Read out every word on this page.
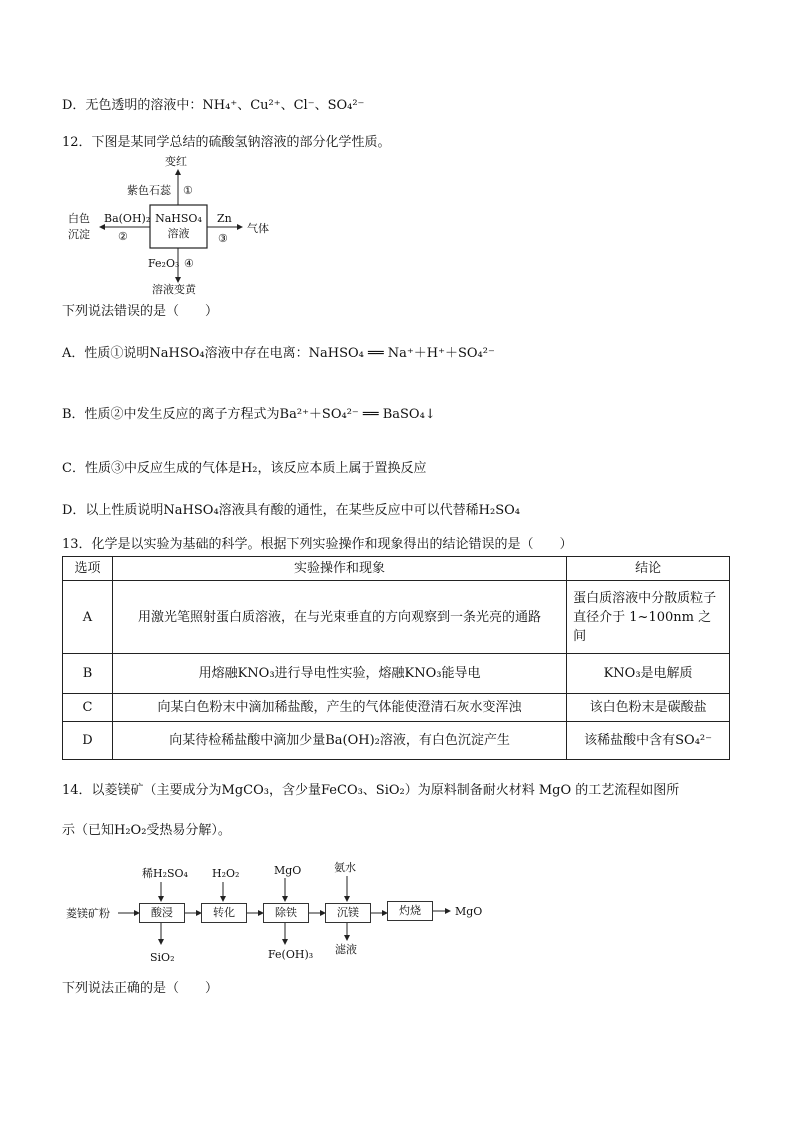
D．无色透明的溶液中：NH₄⁺、Cu²⁺、Cl⁻、SO₄²⁻
12．下图是某同学总结的硫酸氢钠溶液的部分化学性质。
NaHSO₄
溶液
变红
紫色石蕊 ①
白色
沉淀
Ba(OH)₂
②
Zn
③
气体
Fe₂O₃ ④
溶液变黄
下列说法错误的是（　　）
A．性质①说明NaHSO₄溶液中存在电离：NaHSO₄ ══ Na⁺＋H⁺＋SO₄²⁻
B．性质②中发生反应的离子方程式为Ba²⁺＋SO₄²⁻ ══ BaSO₄↓
C．性质③中反应生成的气体是H₂，该反应本质上属于置换反应
D．以上性质说明NaHSO₄溶液具有酸的通性，在某些反应中可以代替稀H₂SO₄
13．化学是以实验为基础的科学。根据下列实验操作和现象得出的结论错误的是（　　）
选项	实验操作和现象	结论
A	用激光笔照射蛋白质溶液，在与光束垂直的方向观察到一条光亮的通路	蛋白质溶液中分散质粒子直径介于 1~100nm 之间
B	用熔融KNO₃进行导电性实验，熔融KNO₃能导电	KNO₃是电解质
C	向某白色粉末中滴加稀盐酸，产生的气体能使澄清石灰水变浑浊	该白色粉末是碳酸盐
D	向某待检稀盐酸中滴加少量Ba(OH)₂溶液，有白色沉淀产生	该稀盐酸中含有SO₄²⁻
14．以菱镁矿（主要成分为MgCO₃，含少量FeCO₃、SiO₂）为原料制备耐火材料 MgO 的工艺流程如图所
示（已知H₂O₂受热易分解）。
菱镁矿粉	酸浸	转化	除铁	沉镁	灼烧	MgO
稀H₂SO₄ H₂O₂	MgO	氨水
SiO₂	Fe(OH)₃ 滤液
下列说法正确的是（　　）
